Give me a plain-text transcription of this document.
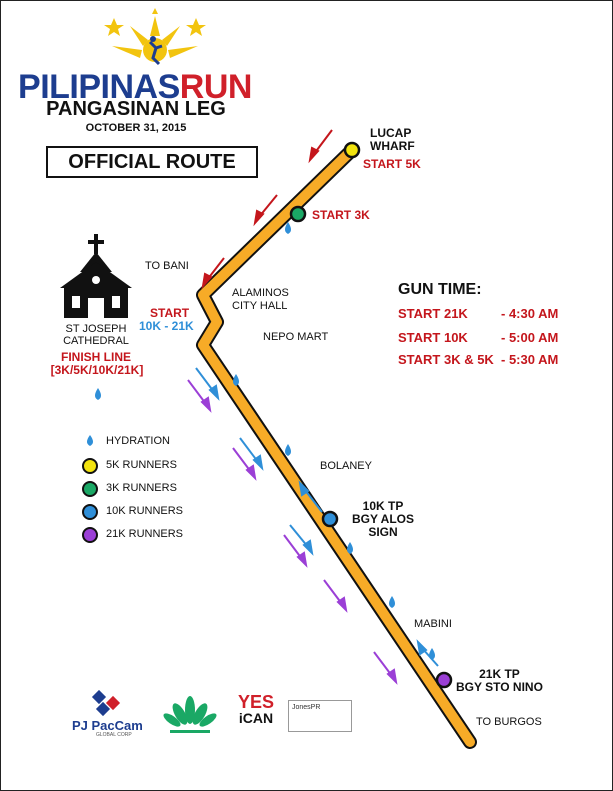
PILIPINASRUN
PANGASINAN LEG
OCTOBER 31, 2015
OFFICIAL ROUTE
LUCAP
WHARF
START 5K
START 3K
TO BANI
ALAMINOS
CITY HALL
NEPO MART
START
10K - 21K
ST JOSEPH
CATHEDRAL
FINISH LINE
[3K/5K/10K/21K]
BOLANEY
10K TP
BGY ALOS
SIGN
MABINI
21K TP
BGY STO NINO
TO BURGOS
GUN TIME:
START 21K	- 4:30 AM
START 10K	- 5:00 AM
START 3K & 5K - 5:30 AM
HYDRATION
5K RUNNERS
3K RUNNERS
10K RUNNERS
21K RUNNERS
PJ PacCam
GLOBAL CORP
YES
iCAN
JonesPR
